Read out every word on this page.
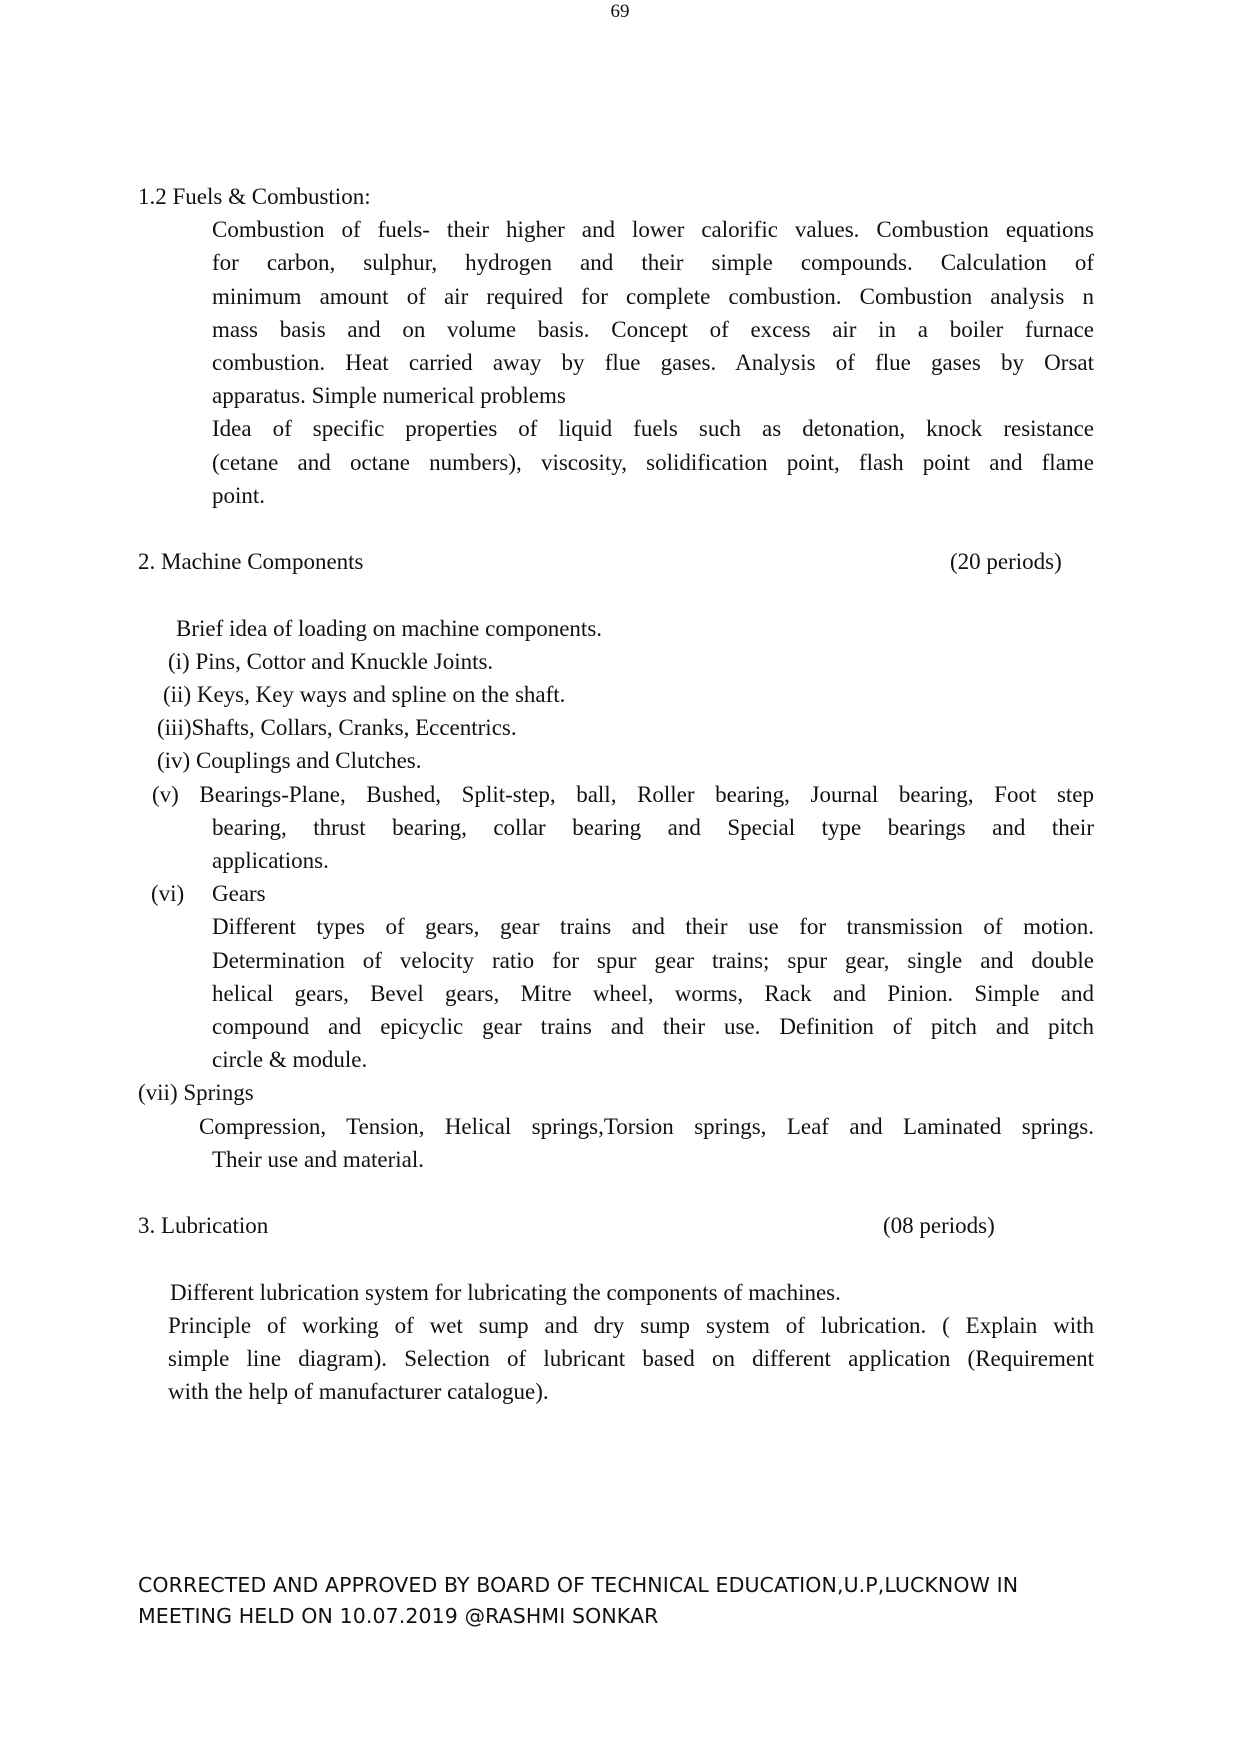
69
1.2 Fuels & Combustion:
Combustion of fuels- their higher and lower calorific values. Combustion equations
for carbon, sulphur, hydrogen and their simple compounds. Calculation of
minimum amount of air required for complete combustion. Combustion analysis n
mass basis and on volume basis. Concept of excess air in a boiler furnace
combustion. Heat carried away by flue gases. Analysis of flue gases by Orsat
apparatus. Simple numerical problems
Idea of specific properties of liquid fuels such as detonation, knock resistance
(cetane and octane numbers), viscosity, solidification point, flash point and flame
point.
2. Machine Components	(20 periods)
Brief idea of loading on machine components.
(i) Pins, Cottor and Knuckle Joints.
(ii) Keys, Key ways and spline on the shaft.
(iii)Shafts, Collars, Cranks, Eccentrics.
(iv) Couplings and Clutches.
(v) Bearings-Plane, Bushed, Split-step, ball, Roller bearing, Journal bearing, Foot step
bearing, thrust bearing, collar bearing and Special type bearings and their
applications.
(vi) Gears
Different types of gears, gear trains and their use for transmission of motion.
Determination of velocity ratio for spur gear trains; spur gear, single and double
helical gears, Bevel gears, Mitre wheel, worms, Rack and Pinion. Simple and
compound and epicyclic gear trains and their use. Definition of pitch and pitch
circle & module.
(vii) Springs
Compression, Tension, Helical springs,Torsion springs, Leaf and Laminated springs.
Their use and material.
3. Lubrication	(08 periods)
Different lubrication system for lubricating the components of machines.
Principle of working of wet sump and dry sump system of lubrication. ( Explain with
simple line diagram). Selection of lubricant based on different application (Requirement
with the help of manufacturer catalogue).
CORRECTED AND APPROVED BY BOARD OF TECHNICAL EDUCATION,U.P,LUCKNOW IN
MEETING HELD ON 10.07.2019 @RASHMI SONKAR
